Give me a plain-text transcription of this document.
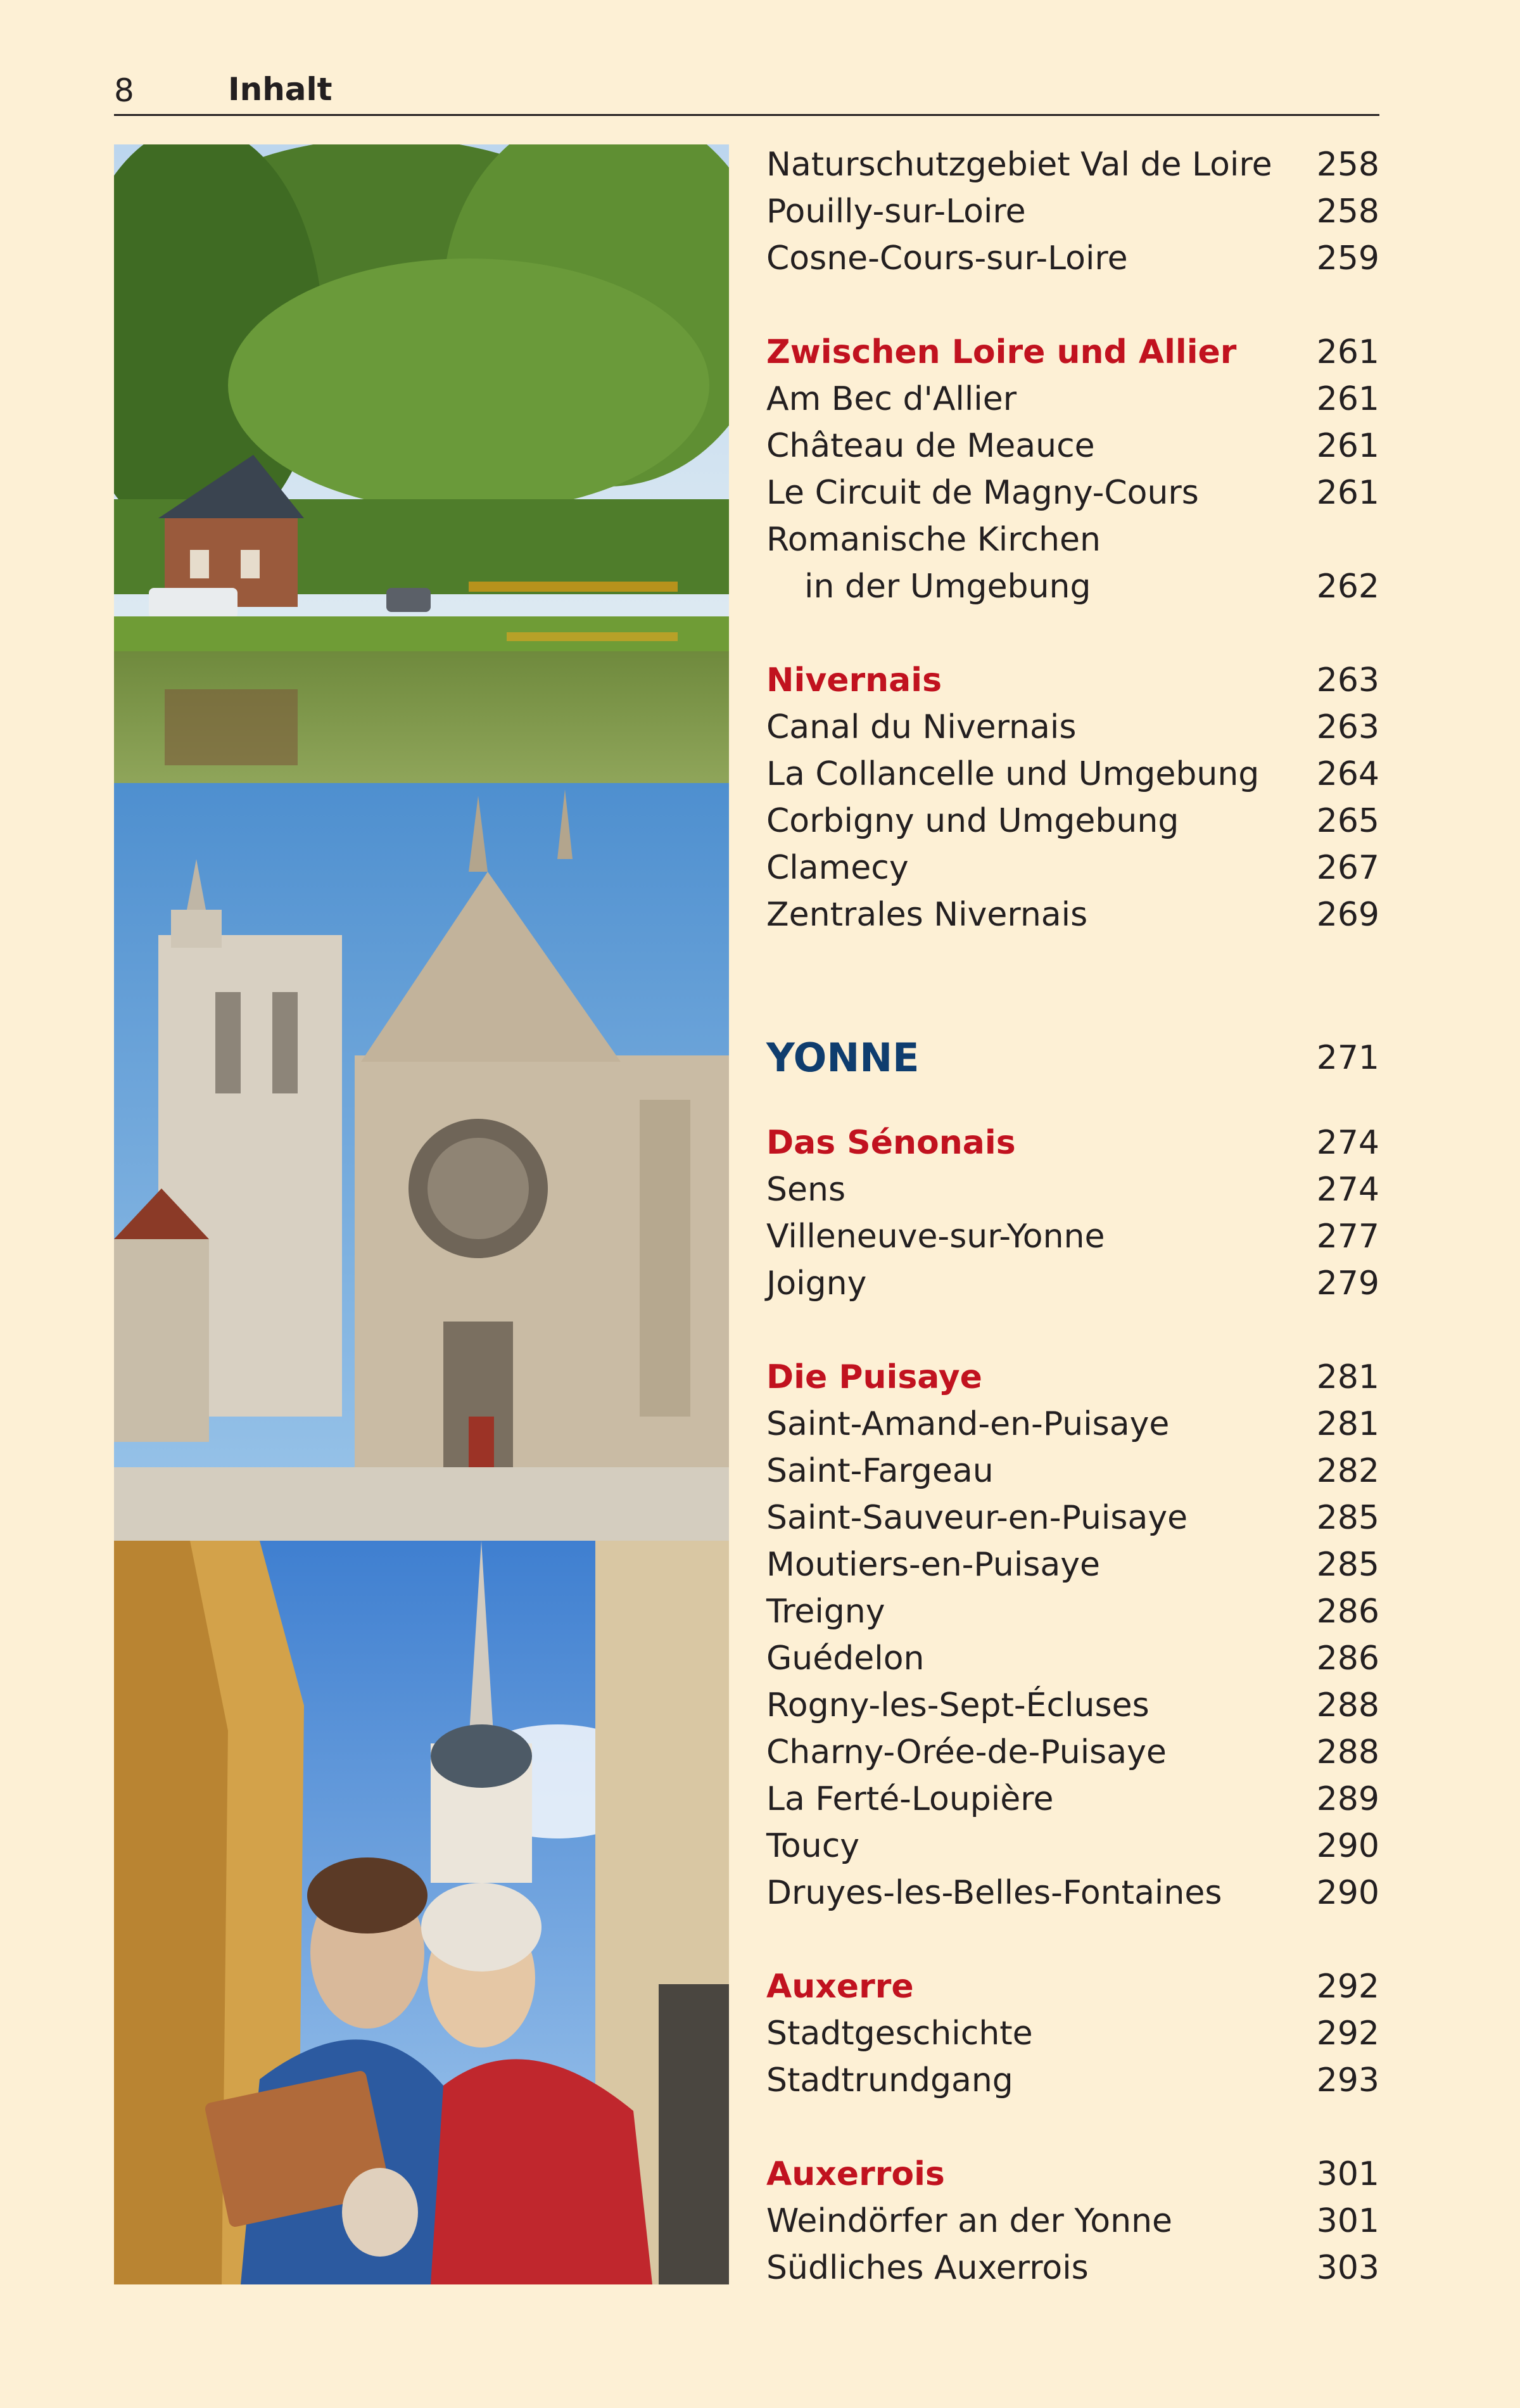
8	Inhalt
Naturschutzgebiet Val de Loire 258
Pouilly-sur-Loire	258
Cosne-Cours-sur-Loire	259
Zwischen Loire und Allier 261
Am Bec d'Allier	261
Château de Meauce	261
Le Circuit de Magny-Cours	261
Romanische Kirchen
in der Umgebung	262
Nivernais	263
Canal du Nivernais	263
La Collancelle und Umgebung 264
Corbigny und Umgebung	265
Clamecy	267
Zentrales Nivernais	269
YONNE	271
Das Sénonais	274
Sens	274
Villeneuve-sur-Yonne	277
Joigny	279
Die Puisaye	281
Saint-Amand-en-Puisaye	281
Saint-Fargeau	282
Saint-Sauveur-en-Puisaye	285
Moutiers-en-Puisaye	285
Treigny	286
Guédelon	286
Rogny-les-Sept-Écluses	288
Charny-Orée-de-Puisaye	288
La Ferté-Loupière	289
Toucy	290
Druyes-les-Belles-Fontaines	290
Auxerre	292
Stadtgeschichte	292
Stadtrundgang	293
Auxerrois	301
Weindörfer an der Yonne	301
Südliches Auxerrois	303
